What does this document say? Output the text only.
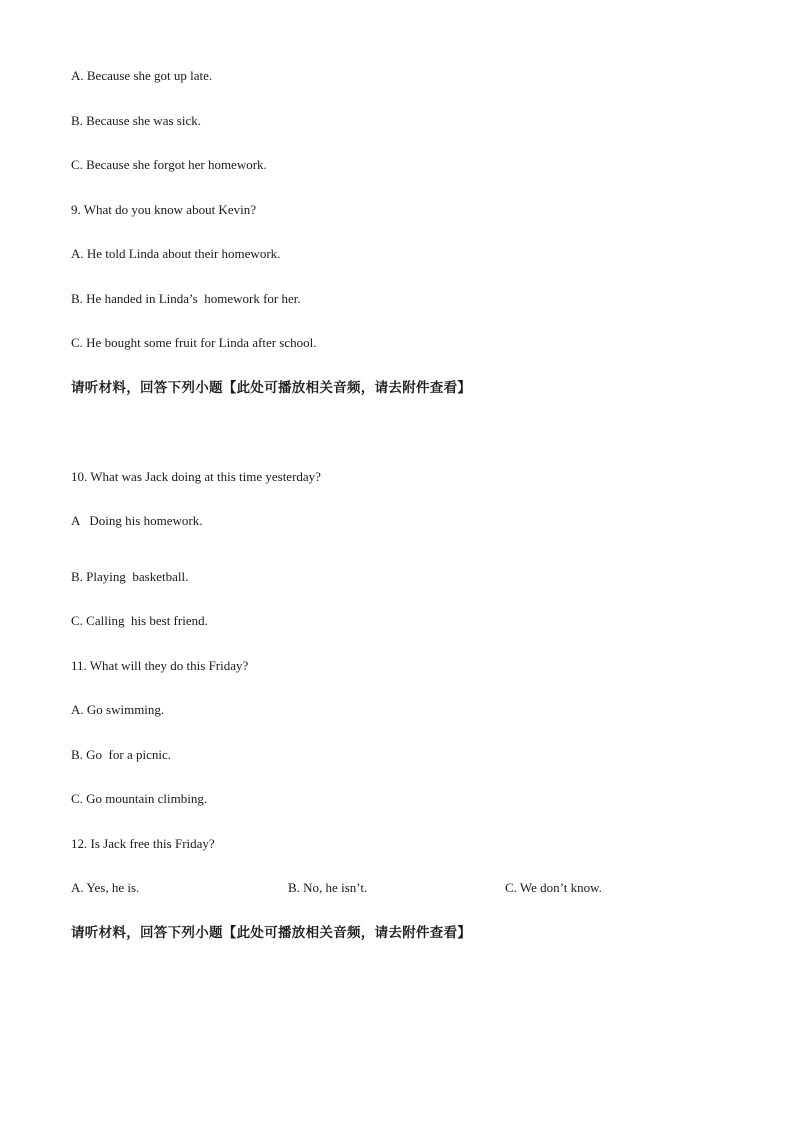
A. Because she got up late.
B. Because she was sick.
C. Because she forgot her homework.
9. What do you know about Kevin?
A. He told Linda about their homework.
B. He handed in Linda’s  homework for her.
C. He bought some fruit for Linda after school.
请听材料，回答下列小题【此处可播放相关音频，请去附件查看】
10. What was Jack doing at this time yesterday?
A   Doing his homework.
B. Playing  basketball.
C. Calling  his best friend.
11. What will they do this Friday?
A. Go swimming.
B. Go  for a picnic.
C. Go mountain climbing.
12. Is Jack free this Friday?
A. Yes, he is.	B. No, he isn’t.	C. We don’t know.
请听材料，回答下列小题【此处可播放相关音频，请去附件查看】
